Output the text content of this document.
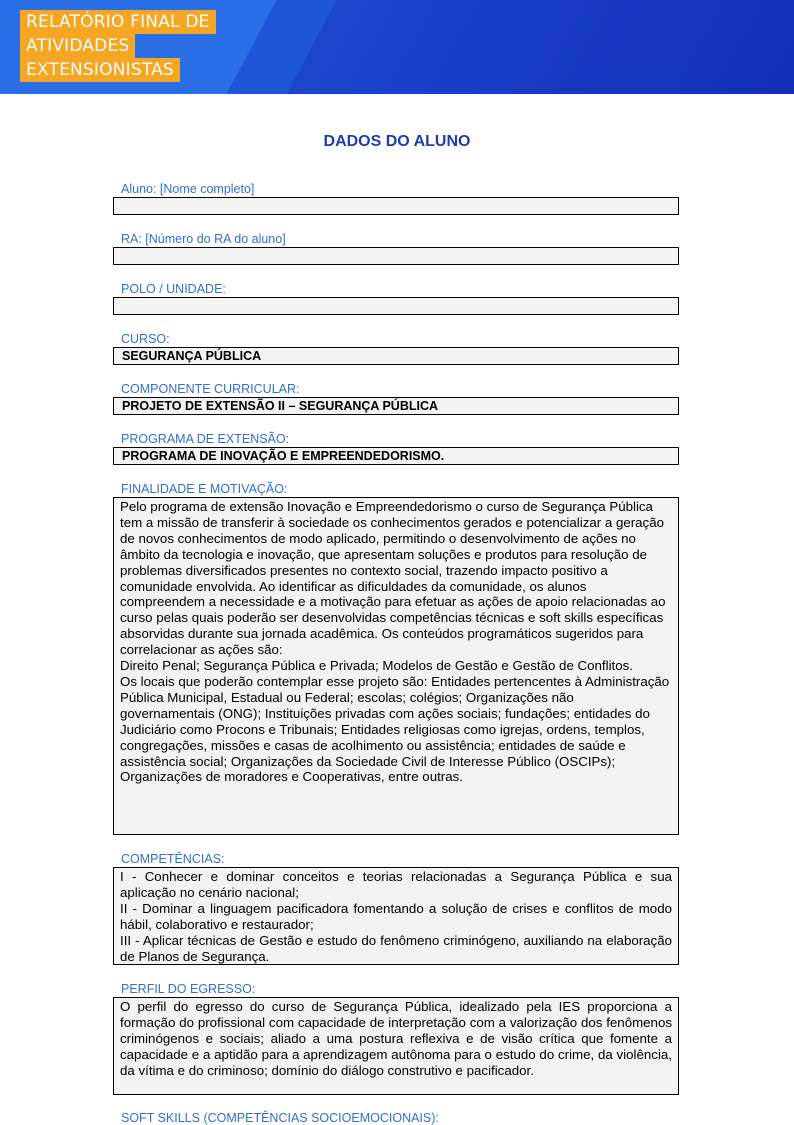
RELATÓRIO FINAL DE
ATIVIDADES
EXTENSIONISTAS
DADOS DO ALUNO
Aluno: [Nome completo]
RA: [Número do RA do aluno]
POLO / UNIDADE:
CURSO:
SEGURANÇA PÚBLICA
COMPONENTE CURRICULAR:
PROJETO DE EXTENSÃO II – SEGURANÇA PÚBLICA
PROGRAMA DE EXTENSÃO:
PROGRAMA DE INOVAÇÃO E EMPREENDEDORISMO.
FINALIDADE E MOTIVAÇÃO:

Pelo programa de extensão Inovação e Empreendedorismo o curso de Segurança Pública tem a missão de transferir à sociedade os conhecimentos gerados e potencializar a geração de novos conhecimentos de modo aplicado, permitindo o desenvolvimento de ações no âmbito da tecnologia e inovação, que apresentam soluções e produtos para resolução de problemas diversificados presentes no contexto social, trazendo impacto positivo a comunidade envolvida. Ao identificar as dificuldades da comunidade, os alunos compreendem a necessidade e a motivação para efetuar as ações de apoio relacionadas ao curso pelas quais poderão ser desenvolvidas competências técnicas e soft skills específicas absorvidas durante sua jornada acadêmica. Os conteúdos programáticos sugeridos para correlacionar as ações são:

Direito Penal; Segurança Pública e Privada; Modelos de Gestão e Gestão de Conflitos.

Os locais que poderão contemplar esse projeto são: Entidades pertencentes à Administração Pública Municipal, Estadual ou Federal; escolas; colégios; Organizações não governamentais (ONG); Instituições privadas com ações sociais; fundações; entidades do Judiciário como Procons e Tribunais; Entidades religiosas como igrejas, ordens, templos, congregações, missões e casas de acolhimento ou assistência; entidades de saúde e assistência social; Organizações da Sociedade Civil de Interesse Público (OSCIPs); Organizações de moradores e Cooperativas, entre outras.

COMPETÊNCIAS:

I - Conhecer e dominar conceitos e teorias relacionadas a Segurança Pública e sua aplicação no cenário nacional;

II - Dominar a linguagem pacificadora fomentando a solução de crises e conflitos de modo hábil, colaborativo e restaurador;

III - Aplicar técnicas de Gestão e estudo do fenômeno criminógeno, auxiliando na elaboração de Planos de Segurança.

PERFIL DO EGRESSO:

O perfil do egresso do curso de Segurança Pública, idealizado pela IES proporciona a formação do profissional com capacidade de interpretação com a valorização dos fenômenos criminógenos e sociais; aliado a uma postura reflexiva e de visão crítica que fomente a capacidade e a aptidão para a aprendizagem autônoma para o estudo do crime, da violência, da vítima e do criminoso; domínio do diálogo construtivo e pacificador.

SOFT SKILLS (COMPETÊNCIAS SOCIOEMOCIONAIS):
